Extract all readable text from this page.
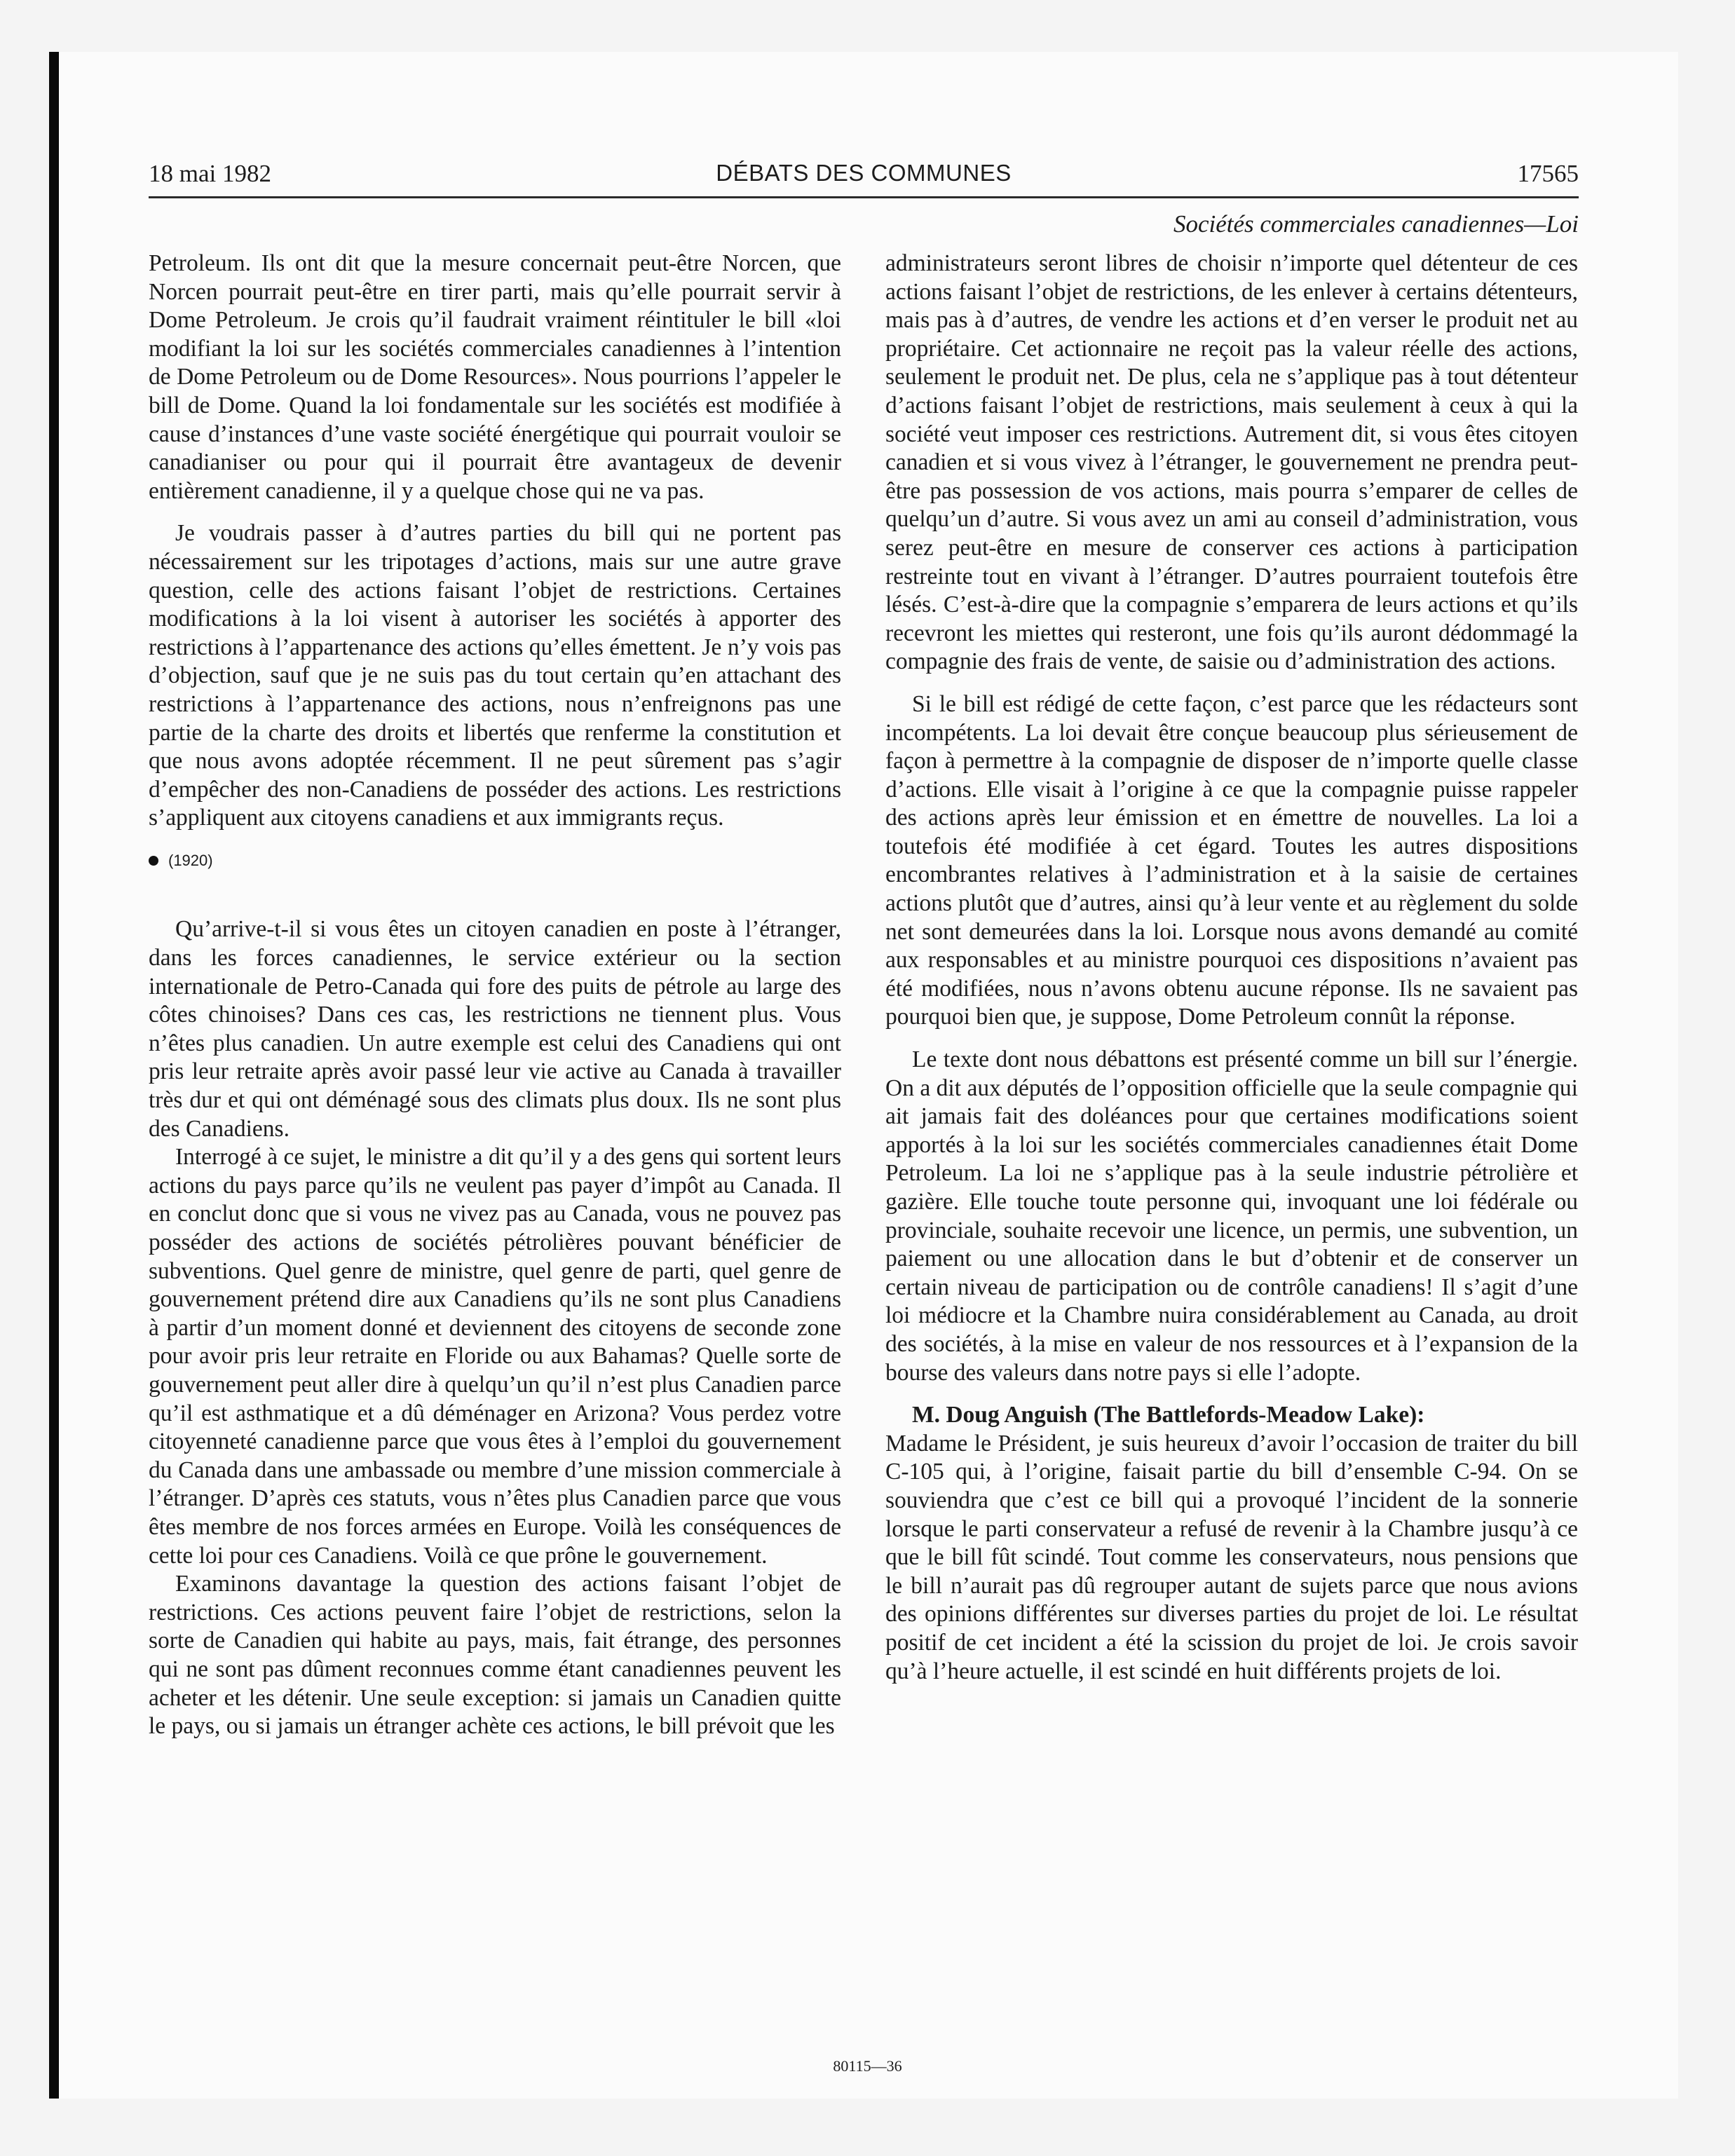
18 mai 1982	DÉBATS DES COMMUNES	17565
Sociétés commerciales canadiennes—Loi

Petroleum. Ils ont dit que la mesure concernait peut-être Norcen, que Norcen pourrait peut-être en tirer parti, mais qu’elle pourrait servir à Dome Petroleum. Je crois qu’il faudrait vraiment réintituler le bill «loi modifiant la loi sur les sociétés commerciales canadiennes à l’intention de Dome Petroleum ou de Dome Resources». Nous pourrions l’appeler le bill de Dome. Quand la loi fondamentale sur les sociétés est modifiée à cause d’instances d’une vaste société énergétique qui pourrait vouloir se canadianiser ou pour qui il pourrait être avantageux de devenir entièrement canadienne, il y a quelque chose qui ne va pas.

Je voudrais passer à d’autres parties du bill qui ne portent pas nécessairement sur les tripotages d’actions, mais sur une autre grave question, celle des actions faisant l’objet de restrictions. Certaines modifications à la loi visent à autoriser les sociétés à apporter des restrictions à l’appartenance des actions qu’elles émettent. Je n’y vois pas d’objection, sauf que je ne suis pas du tout certain qu’en attachant des restrictions à l’appartenance des actions, nous n’enfreignons pas une partie de la charte des droits et libertés que renferme la constitution et que nous avons adoptée récemment. Il ne peut sûrement pas s’agir d’empêcher des non-Canadiens de posséder des actions. Les restrictions s’appliquent aux citoyens canadiens et aux immigrants reçus.

(1920)

Qu’arrive-t-il si vous êtes un citoyen canadien en poste à l’étranger, dans les forces canadiennes, le service extérieur ou la section internationale de Petro-Canada qui fore des puits de pétrole au large des côtes chinoises? Dans ces cas, les restrictions ne tiennent plus. Vous n’êtes plus canadien. Un autre exemple est celui des Canadiens qui ont pris leur retraite après avoir passé leur vie active au Canada à travailler très dur et qui ont déménagé sous des climats plus doux. Ils ne sont plus des Canadiens.

Interrogé à ce sujet, le ministre a dit qu’il y a des gens qui sortent leurs actions du pays parce qu’ils ne veulent pas payer d’impôt au Canada. Il en conclut donc que si vous ne vivez pas au Canada, vous ne pouvez pas posséder des actions de sociétés pétrolières pouvant bénéficier de subventions. Quel genre de ministre, quel genre de parti, quel genre de gouvernement prétend dire aux Canadiens qu’ils ne sont plus Canadiens à partir d’un moment donné et deviennent des citoyens de seconde zone pour avoir pris leur retraite en Floride ou aux Bahamas? Quelle sorte de gouvernement peut aller dire à quelqu’un qu’il n’est plus Canadien parce qu’il est asthmatique et a dû déménager en Arizona? Vous perdez votre citoyenneté canadienne parce que vous êtes à l’emploi du gouvernement du Canada dans une ambassade ou membre d’une mission commerciale à l’étranger. D’après ces statuts, vous n’êtes plus Canadien parce que vous êtes membre de nos forces armées en Europe. Voilà les conséquences de cette loi pour ces Canadiens. Voilà ce que prône le gouvernement.

Examinons davantage la question des actions faisant l’objet de restrictions. Ces actions peuvent faire l’objet de restrictions, selon la sorte de Canadien qui habite au pays, mais, fait étrange, des personnes qui ne sont pas dûment reconnues comme étant canadiennes peuvent les acheter et les détenir. Une seule exception: si jamais un Canadien quitte le pays, ou si jamais un étranger achète ces actions, le bill prévoit que les

administrateurs seront libres de choisir n’importe quel détenteur de ces actions faisant l’objet de restrictions, de les enlever à certains détenteurs, mais pas à d’autres, de vendre les actions et d’en verser le produit net au propriétaire. Cet actionnaire ne reçoit pas la valeur réelle des actions, seulement le produit net. De plus, cela ne s’applique pas à tout détenteur d’actions faisant l’objet de restrictions, mais seulement à ceux à qui la société veut imposer ces restrictions. Autrement dit, si vous êtes citoyen canadien et si vous vivez à l’étranger, le gouvernement ne prendra peut-être pas possession de vos actions, mais pourra s’emparer de celles de quelqu’un d’autre. Si vous avez un ami au conseil d’administration, vous serez peut-être en mesure de conserver ces actions à participation restreinte tout en vivant à l’étranger. D’autres pourraient toutefois être lésés. C’est-à-dire que la compagnie s’emparera de leurs actions et qu’ils recevront les miettes qui resteront, une fois qu’ils auront dédommagé la compagnie des frais de vente, de saisie ou d’administration des actions.

Si le bill est rédigé de cette façon, c’est parce que les rédacteurs sont incompétents. La loi devait être conçue beaucoup plus sérieusement de façon à permettre à la compagnie de disposer de n’importe quelle classe d’actions. Elle visait à l’origine à ce que la compagnie puisse rappeler des actions après leur émission et en émettre de nouvelles. La loi a toutefois été modifiée à cet égard. Toutes les autres dispositions encombrantes relatives à l’administration et à la saisie de certaines actions plutôt que d’autres, ainsi qu’à leur vente et au règlement du solde net sont demeurées dans la loi. Lorsque nous avons demandé au comité aux responsables et au ministre pourquoi ces dispositions n’avaient pas été modifiées, nous n’avons obtenu aucune réponse. Ils ne savaient pas pourquoi bien que, je suppose, Dome Petroleum connût la réponse.

Le texte dont nous débattons est présenté comme un bill sur l’énergie. On a dit aux députés de l’opposition officielle que la seule compagnie qui ait jamais fait des doléances pour que certaines modifications soient apportés à la loi sur les sociétés commerciales canadiennes était Dome Petroleum. La loi ne s’applique pas à la seule industrie pétrolière et gazière. Elle touche toute personne qui, invoquant une loi fédérale ou provinciale, souhaite recevoir une licence, un permis, une subvention, un paiement ou une allocation dans le but d’obtenir et de conserver un certain niveau de participation ou de contrôle canadiens! Il s’agit d’une loi médiocre et la Chambre nuira considérablement au Canada, au droit des sociétés, à la mise en valeur de nos ressources et à l’expansion de la bourse des valeurs dans notre pays si elle l’adopte.

M. Doug Anguish (The Battlefords-Meadow Lake):

Madame le Président, je suis heureux d’avoir l’occasion de traiter du bill C-105 qui, à l’origine, faisait partie du bill d’ensemble C-94. On se souviendra que c’est ce bill qui a provoqué l’incident de la sonnerie lorsque le parti conservateur a refusé de revenir à la Chambre jusqu’à ce que le bill fût scindé. Tout comme les conservateurs, nous pensions que le bill n’aurait pas dû regrouper autant de sujets parce que nous avions des opinions différentes sur diverses parties du projet de loi. Le résultat positif de cet incident a été la scission du projet de loi. Je crois savoir qu’à l’heure actuelle, il est scindé en huit différents projets de loi.

80115—36
